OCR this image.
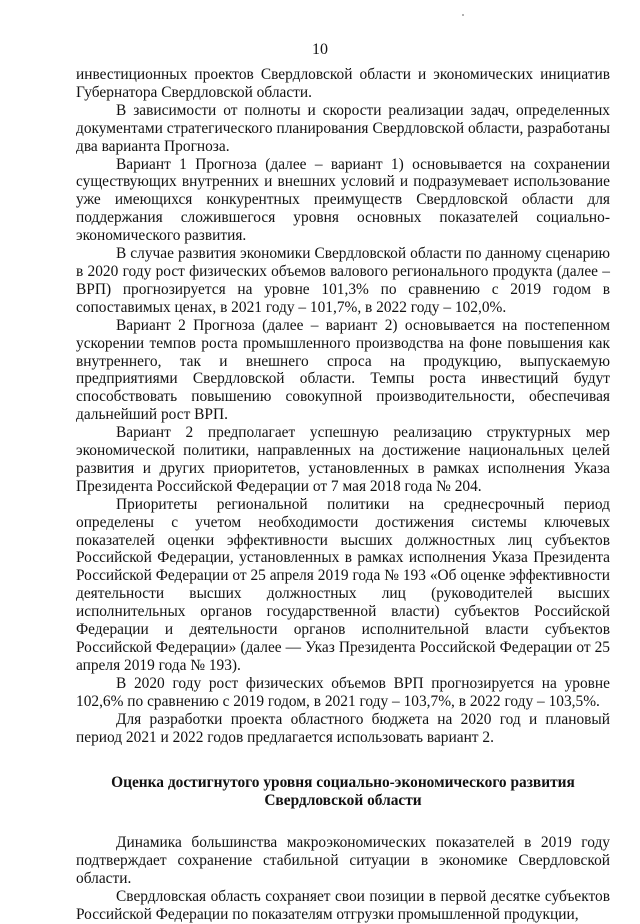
10

инвестиционных проектов Свердловской области и экономических инициатив Губернатора Свердловской области.

В зависимости от полноты и скорости реализации задач, определенных документами стратегического планирования Свердловской области, разработаны два варианта Прогноза.

Вариант 1 Прогноза (далее – вариант 1) основывается на сохранении существующих внутренних и внешних условий и подразумевает использование уже имеющихся конкурентных преимуществ Свердловской области для поддержания сложившегося уровня основных показателей социально-экономического развития.

В случае развития экономики Свердловской области по данному сценарию в 2020 году рост физических объемов валового регионального продукта (далее – ВРП) прогнозируется на уровне 101,3% по сравнению с 2019 годом в сопоставимых ценах, в 2021 году – 101,7%, в 2022 году – 102,0%.

Вариант 2 Прогноза (далее – вариант 2) основывается на постепенном ускорении темпов роста промышленного производства на фоне повышения как внутреннего, так и внешнего спроса на продукцию, выпускаемую предприятиями Свердловской области. Темпы роста инвестиций будут способствовать повышению совокупной производительности, обеспечивая дальнейший рост ВРП.

Вариант 2 предполагает успешную реализацию структурных мер экономической политики, направленных на достижение национальных целей развития и других приоритетов, установленных в рамках исполнения Указа Президента Российской Федерации от 7 мая 2018 года № 204.

Приоритеты региональной политики на среднесрочный период определены с учетом необходимости достижения системы ключевых показателей оценки эффективности высших должностных лиц субъектов Российской Федерации, установленных в рамках исполнения Указа Президента Российской Федерации от 25 апреля 2019 года № 193 «Об оценке эффективности деятельности высших должностных лиц (руководителей высших исполнительных органов государственной власти) субъектов Российской Федерации и деятельности органов исполнительной власти субъектов Российской Федерации» (далее — Указ Президента Российской Федерации от 25 апреля 2019 года № 193).

В 2020 году рост физических объемов ВРП прогнозируется на уровне 102,6% по сравнению с 2019 годом, в 2021 году – 103,7%, в 2022 году – 103,5%.

Для разработки проекта областного бюджета на 2020 год и плановый период 2021 и 2022 годов предлагается использовать вариант 2.

Оценка достигнутого уровня социально-экономического развития Свердловской области

Динамика большинства макроэкономических показателей в 2019 году подтверждает сохранение стабильной ситуации в экономике Свердловской области.

Свердловская область сохраняет свои позиции в первой десятке субъектов Российской Федерации по показателям отгрузки промышленной продукции,
